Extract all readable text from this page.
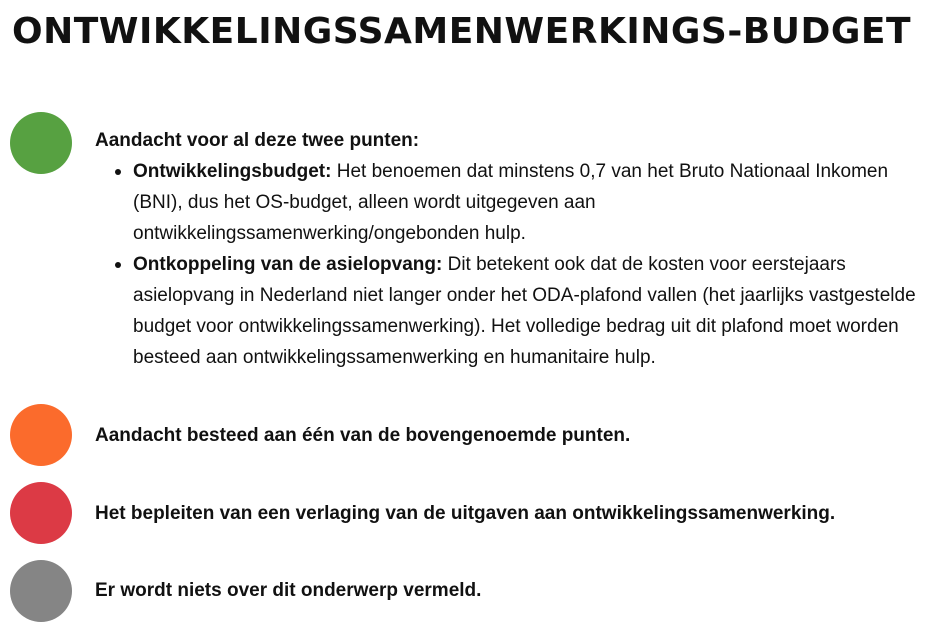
ONTWIKKELINGSSAMENWERKINGS-BUDGET
Aandacht voor al deze twee punten:
Ontwikkelingsbudget: Het benoemen dat minstens 0,7 van het Bruto Nationaal Inkomen (BNI), dus het OS-budget, alleen wordt uitgegeven aan ontwikkelingssamenwerking/ongebonden hulp.
Ontkoppeling van de asielopvang: Dit betekent ook dat de kosten voor eerstejaars asielopvang in Nederland niet langer onder het ODA-plafond vallen (het jaarlijks vastgestelde budget voor ontwikkelingssamenwerking). Het volledige bedrag uit dit plafond moet worden besteed aan ontwikkelingssamenwerking en humanitaire hulp.
Aandacht besteed aan één van de bovengenoemde punten.
Het bepleiten van een verlaging van de uitgaven aan ontwikkelingssamenwerking.
Er wordt niets over dit onderwerp vermeld.
